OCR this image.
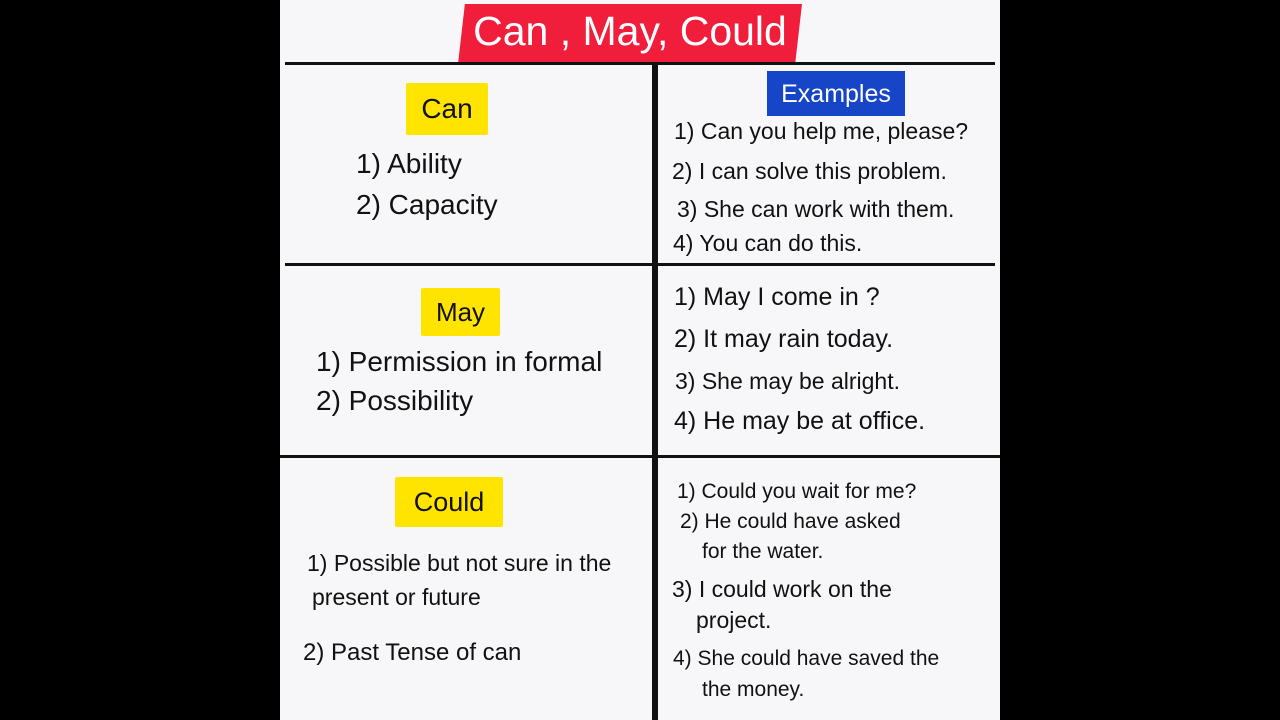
Can , May, Could
Can
1) Ability
2) Capacity
Examples
1) Can you help me, please?
2) I can solve this problem.
3) She can work with them.
4) You can do this.
May
1) Permission in formal
2) Possibility
1) May I come in ?
2) It may rain today.
3) She may be alright.
4) He may be at office.
Could
1) Possible but not sure in the
present or future
2) Past Tense of can
1) Could you wait for me?
2) He could have asked
for the water.
3) I could work on the
project.
4) She could have saved the
the money.
